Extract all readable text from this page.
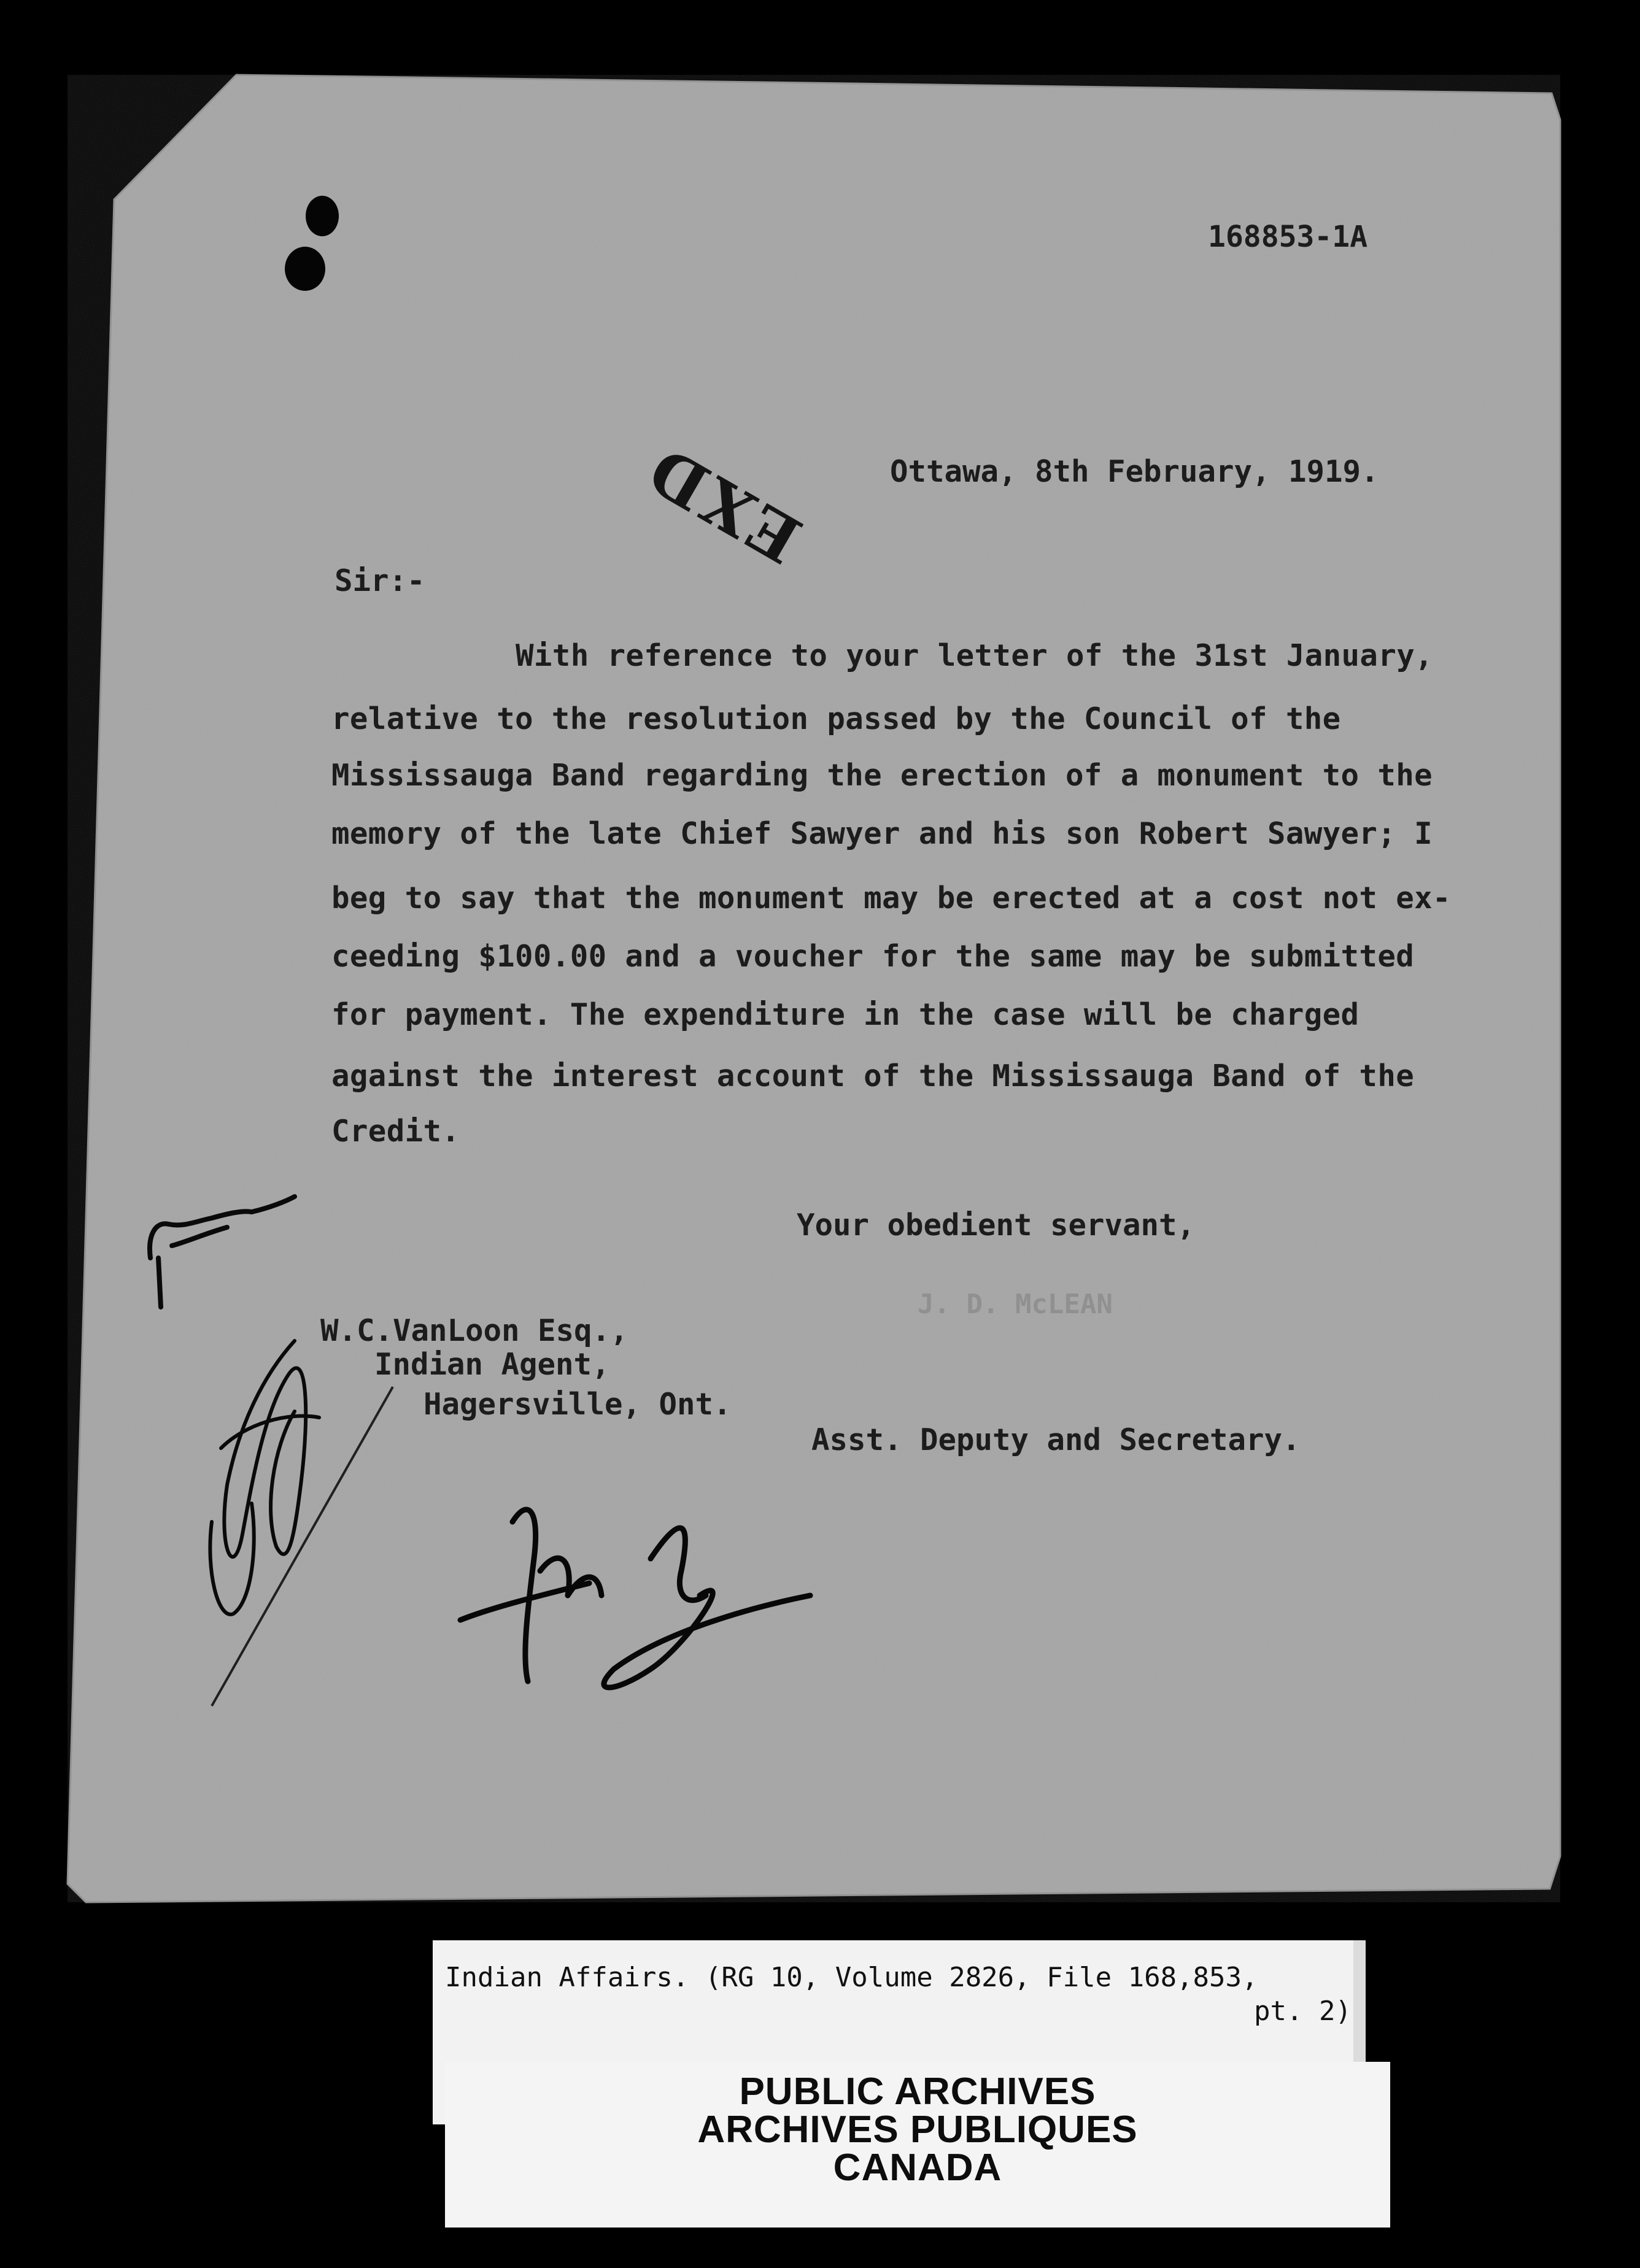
168853-1A
EXD	Ottawa, 8th February, 1919.
Sir:-
With reference to your letter of the 31st January,
relative to the resolution passed by the Council of the
Mississauga Band regarding the erection of a monument to the
memory of the late Chief Sawyer and his son Robert Sawyer; I
beg to say that the monument may be erected at a cost not ex-
ceeding $100.00 and a voucher for the same may be submitted
for payment. The expenditure in the case will be charged
against the interest account of the Mississauga Band of the
Credit.
Your obedient servant,
J. D. McLEAN
W.C.VanLoon Esq.,
Indian Agent,
Hagersville, Ont.
Asst. Deputy and Secretary.
Indian Affairs. (RG 10, Volume 2826, File 168,853,
pt. 2)
PUBLIC ARCHIVES
ARCHIVES PUBLIQUES
CANADA
